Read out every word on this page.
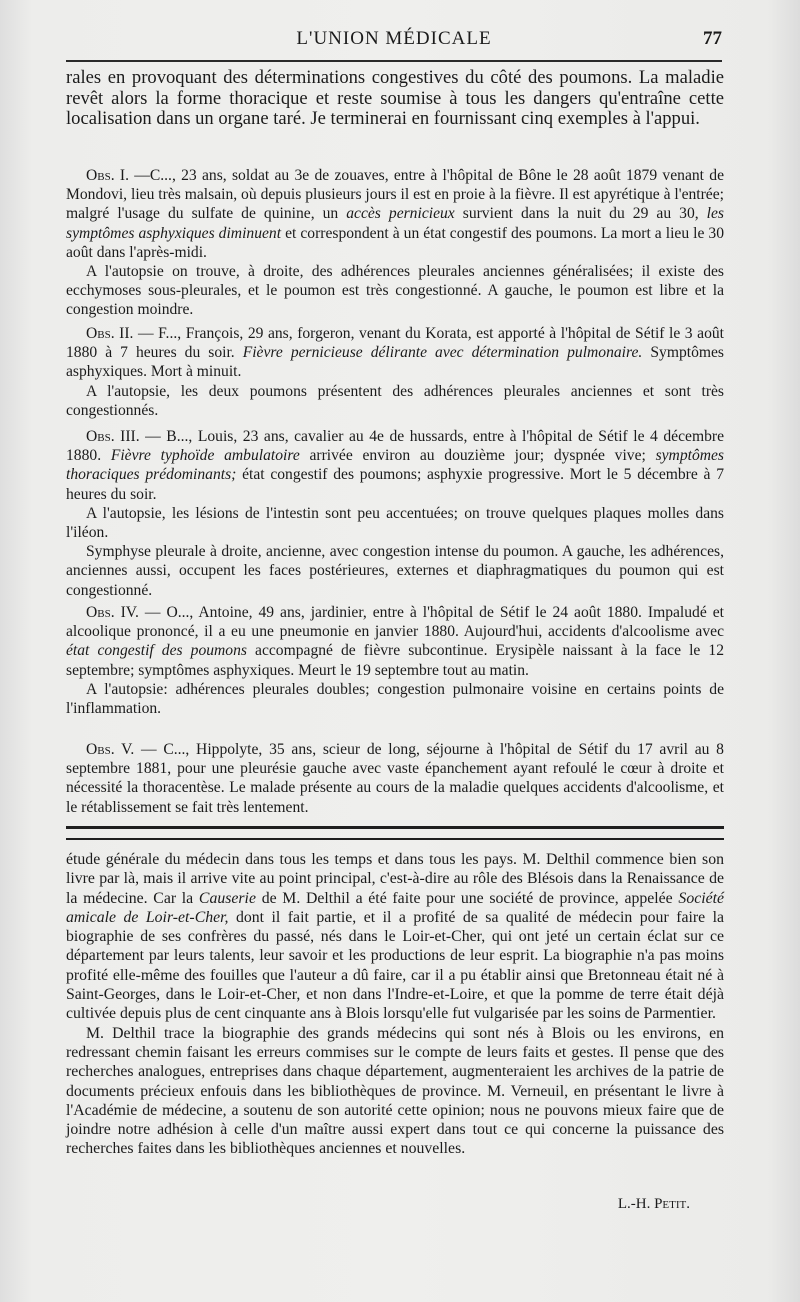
L'UNION MÉDICALE	77

rales en provoquant des déterminations congestives du côté des poumons. La maladie revêt alors la forme thoracique et reste soumise à tous les dangers qu'entraîne cette localisation dans un organe taré. Je terminerai en fournissant cinq exemples à l'appui.

Obs. I. —C..., 23 ans, soldat au 3e de zouaves, entre à l'hôpital de Bône le 28 août 1879 venant de Mondovi, lieu très malsain, où depuis plusieurs jours il est en proie à la fièvre. Il est apyrétique à l'entrée; malgré l'usage du sulfate de quinine, un accès pernicieux survient dans la nuit du 29 au 30, les symptômes asphyxiques diminuent et correspondent à un état congestif des poumons. La mort a lieu le 30 août dans l'après-midi.

A l'autopsie on trouve, à droite, des adhérences pleurales anciennes généralisées; il existe des ecchymoses sous-pleurales, et le poumon est très congestionné. A gauche, le poumon est libre et la congestion moindre.

Obs. II. — F..., François, 29 ans, forgeron, venant du Korata, est apporté à l'hôpital de Sétif le 3 août 1880 à 7 heures du soir. Fièvre pernicieuse délirante avec détermination pulmonaire. Symptômes asphyxiques. Mort à minuit.

A l'autopsie, les deux poumons présentent des adhérences pleurales anciennes et sont très congestionnés.

Obs. III. — B..., Louis, 23 ans, cavalier au 4e de hussards, entre à l'hôpital de Sétif le 4 décembre 1880. Fièvre typhoïde ambulatoire arrivée environ au douzième jour; dyspnée vive; symptômes thoraciques prédominants; état congestif des poumons; asphyxie progressive. Mort le 5 décembre à 7 heures du soir.

A l'autopsie, les lésions de l'intestin sont peu accentuées; on trouve quelques plaques molles dans l'iléon.

Symphyse pleurale à droite, ancienne, avec congestion intense du poumon. A gauche, les adhérences, anciennes aussi, occupent les faces postérieures, externes et diaphragmatiques du poumon qui est congestionné.

Obs. IV. — O..., Antoine, 49 ans, jardinier, entre à l'hôpital de Sétif le 24 août 1880. Impaludé et alcoolique prononcé, il a eu une pneumonie en janvier 1880. Aujourd'hui, accidents d'alcoolisme avec état congestif des poumons accompagné de fièvre subcontinue. Erysipèle naissant à la face le 12 septembre; symptômes asphyxiques. Meurt le 19 septembre tout au matin.

A l'autopsie: adhérences pleurales doubles; congestion pulmonaire voisine en certains points de l'inflammation.

Obs. V. — C..., Hippolyte, 35 ans, scieur de long, séjourne à l'hôpital de Sétif du 17 avril au 8 septembre 1881, pour une pleurésie gauche avec vaste épanchement ayant refoulé le cœur à droite et nécessité la thoracentèse. Le malade présente au cours de la maladie quelques accidents d'alcoolisme, et le rétablissement se fait très lentement.

étude générale du médecin dans tous les temps et dans tous les pays. M. Delthil commence bien son livre par là, mais il arrive vite au point principal, c'est-à-dire au rôle des Blésois dans la Renaissance de la médecine. Car la Causerie de M. Delthil a été faite pour une société de province, appelée Société amicale de Loir-et-Cher, dont il fait partie, et il a profité de sa qualité de médecin pour faire la biographie de ses confrères du passé, nés dans le Loir-et-Cher, qui ont jeté un certain éclat sur ce département par leurs talents, leur savoir et les productions de leur esprit. La biographie n'a pas moins profité elle-même des fouilles que l'auteur a dû faire, car il a pu établir ainsi que Bretonneau était né à Saint-Georges, dans le Loir-et-Cher, et non dans l'Indre-et-Loire, et que la pomme de terre était déjà cultivée depuis plus de cent cinquante ans à Blois lorsqu'elle fut vulgarisée par les soins de Parmentier.

M. Delthil trace la biographie des grands médecins qui sont nés à Blois ou les environs, en redressant chemin faisant les erreurs commises sur le compte de leurs faits et gestes. Il pense que des recherches analogues, entreprises dans chaque département, augmenteraient les archives de la patrie de documents précieux enfouis dans les bibliothèques de province. M. Verneuil, en présentant le livre à l'Académie de médecine, a soutenu de son autorité cette opinion; nous ne pouvons mieux faire que de joindre notre adhésion à celle d'un maître aussi expert dans tout ce qui concerne la puissance des recherches faites dans les bibliothèques anciennes et nouvelles.

L.-H. Petit.
